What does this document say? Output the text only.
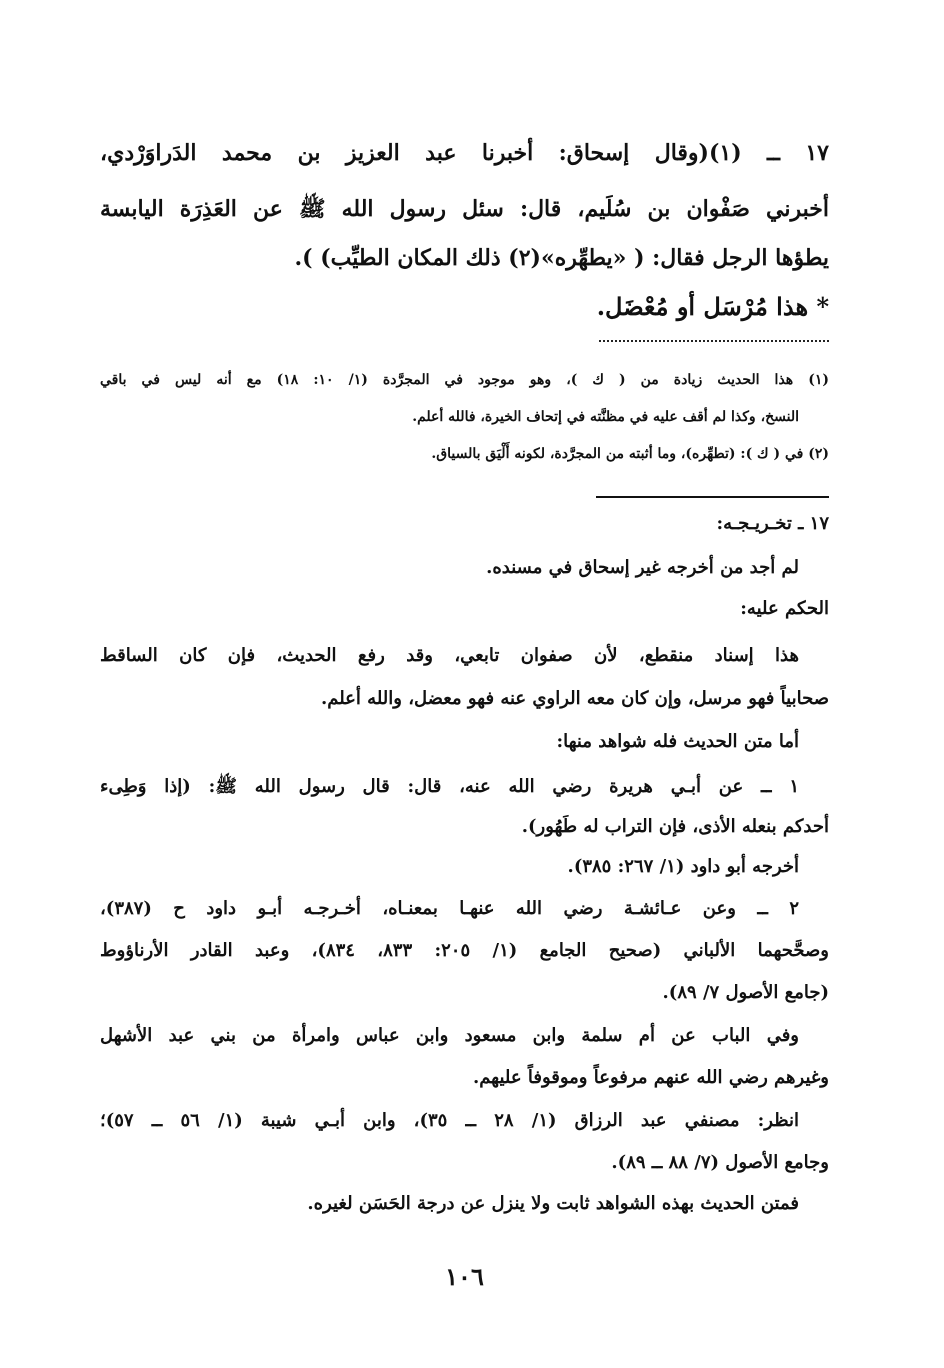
١٧ ــ (١)(وقال إسحاق: أخبرنا عبد العزيز بن محمد الدَراوَرْدي،
أخبرني صَفْوان بن سُلَيم، قال: سئل رسول الله ﷺ عن العَذِرَة اليابسة
يطؤها الرجل فقال: ( «يطهِّره»(٢) ذلك المكان الطيِّب) ).
* هذا مُرْسَل أو مُعْضَل.
(١) هذا الحديث زيادة من ( ك )، وهو موجود في المجرَّدة (١/ ١٠: ١٨) مع أنه ليس في باقي
النسخ، وكذا لم أقف عليه في مظنَّته في إتحاف الخيرة، فالله أعلم.
(٢) في ( ك ): (تطهِّره)، وما أثبته من المجرَّدة، لكونه أَلْيَق بالسياق.
١٧ ـ تخـريـجـه:
لم أجد من أخرجه غير إسحاق في مسنده.
الحكم عليه:
هذا إسناد منقطع، لأن صفوان تابعي، وقد رفع الحديث، فإن كان الساقط
صحابياً فهو مرسل، وإن كان معه الراوي عنه فهو معضل، والله أعلم.
أما متن الحديث فله شواهد منها:
١ ــ عن أبـي هريرة رضي الله عنه، قال: قال رسول الله ﷺ: (إذا وَطِىء
أحدكم بنعله الأذى، فإن التراب له طَهُور).
أخرجه أبو داود (١/ ٢٦٧: ٣٨٥).
٢ ــ وعن عـائشـة رضي الله عنهـا بمعنـاه، أخـرجـه أبـو داود ح (٣٨٧)،
وصحَّحهما الألباني (صحيح الجامع (١/ ٢٠٥: ٨٣٣، ٨٣٤)، وعبد القادر الأرناؤوط
(جامع الأصول ٧/ ٨٩).
وفي الباب عن أم سلمة وابن مسعود وابن عباس وامرأة من بني عبد الأشهل
وغيرهم رضي الله عنهم مرفوعاً وموقوفاً عليهم.
انظر: مصنفي عبد الرزاق (١/ ٢٨ ــ ٣٥)، وابن أبـي شيبة (١/ ٥٦ ــ ٥٧)؛
وجامع الأصول (٧/ ٨٨ ــ ٨٩).
فمتن الحديث بهذه الشواهد ثابت ولا ينزل عن درجة الحَسَن لغيره.
١٠٦
